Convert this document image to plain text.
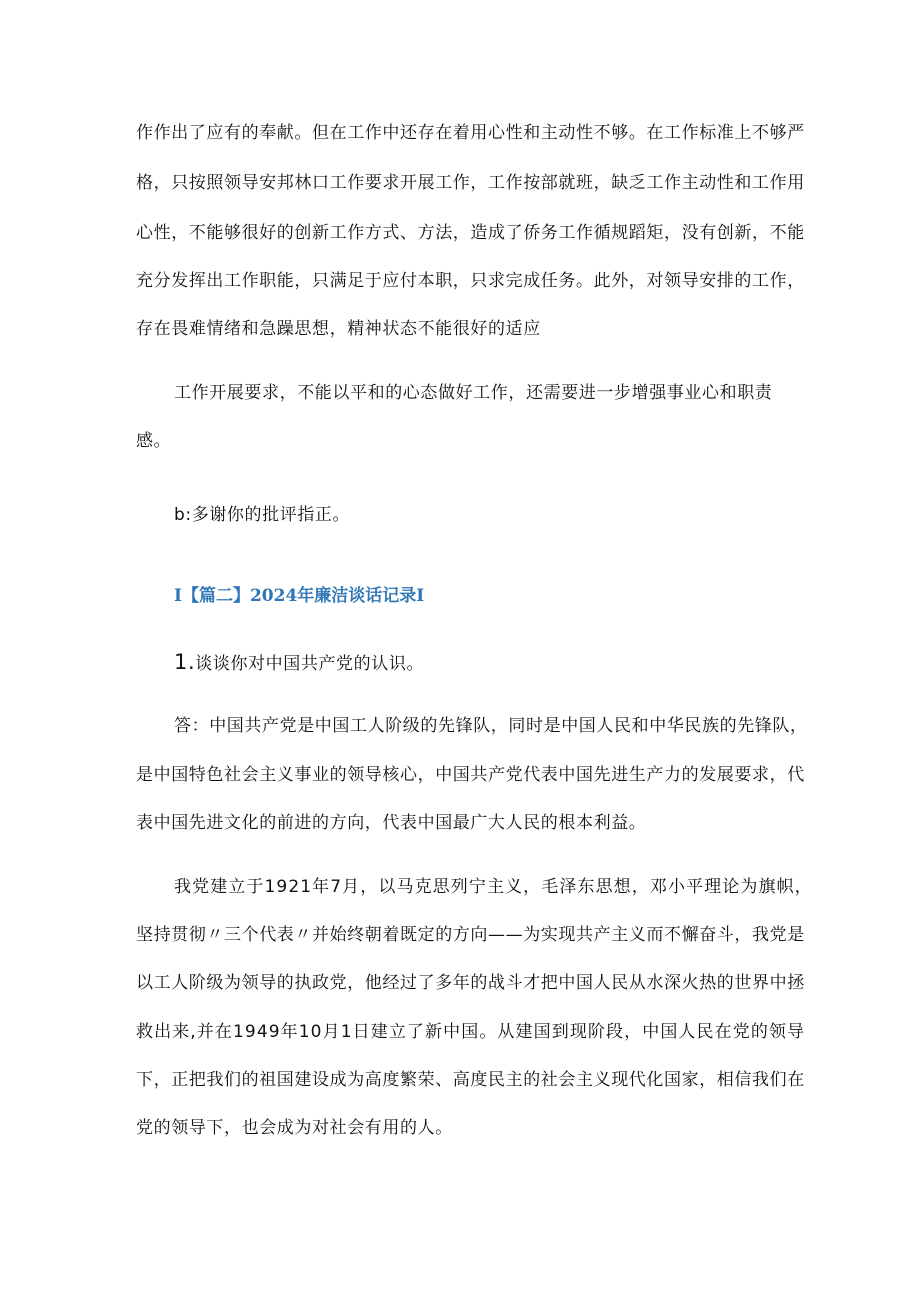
作作出了应有的奉献。但在工作中还存在着用心性和主动性不够。在工作标准上不够严

格，只按照领导安邦林口工作要求开展工作，工作按部就班，缺乏工作主动性和工作用

心性，不能够很好的创新工作方式、方法，造成了侨务工作循规蹈矩，没有创新，不能

充分发挥出工作职能，只满足于应付本职，只求完成任务。此外，对领导安排的工作，

存在畏难情绪和急躁思想，精神状态不能很好的适应

工作开展要求，不能以平和的心态做好工作，还需要进一步增强事业心和职责

感。

b:多谢你的批评指正。

I【篇二】2024年廉洁谈话记录I

1.谈谈你对中国共产党的认识。

答：中国共产党是中国工人阶级的先锋队，同时是中国人民和中华民族的先锋队，

是中国特色社会主义事业的领导核心，中国共产党代表中国先进生产力的发展要求，代

表中国先进文化的前进的方向，代表中国最广大人民的根本利益。

我党建立于1921年7月，以马克思列宁主义，毛泽东思想，邓小平理论为旗帜，

坚持贯彻〃三个代表〃并始终朝着既定的方向——为实现共产主义而不懈奋斗，我党是

以工人阶级为领导的执政党，他经过了多年的战斗才把中国人民从水深火热的世界中拯

救出来,并在1949年10月1日建立了新中国。从建国到现阶段，中国人民在党的领导

下，正把我们的祖国建设成为高度繁荣、高度民主的社会主义现代化国家，相信我们在

党的领导下，也会成为对社会有用的人。
